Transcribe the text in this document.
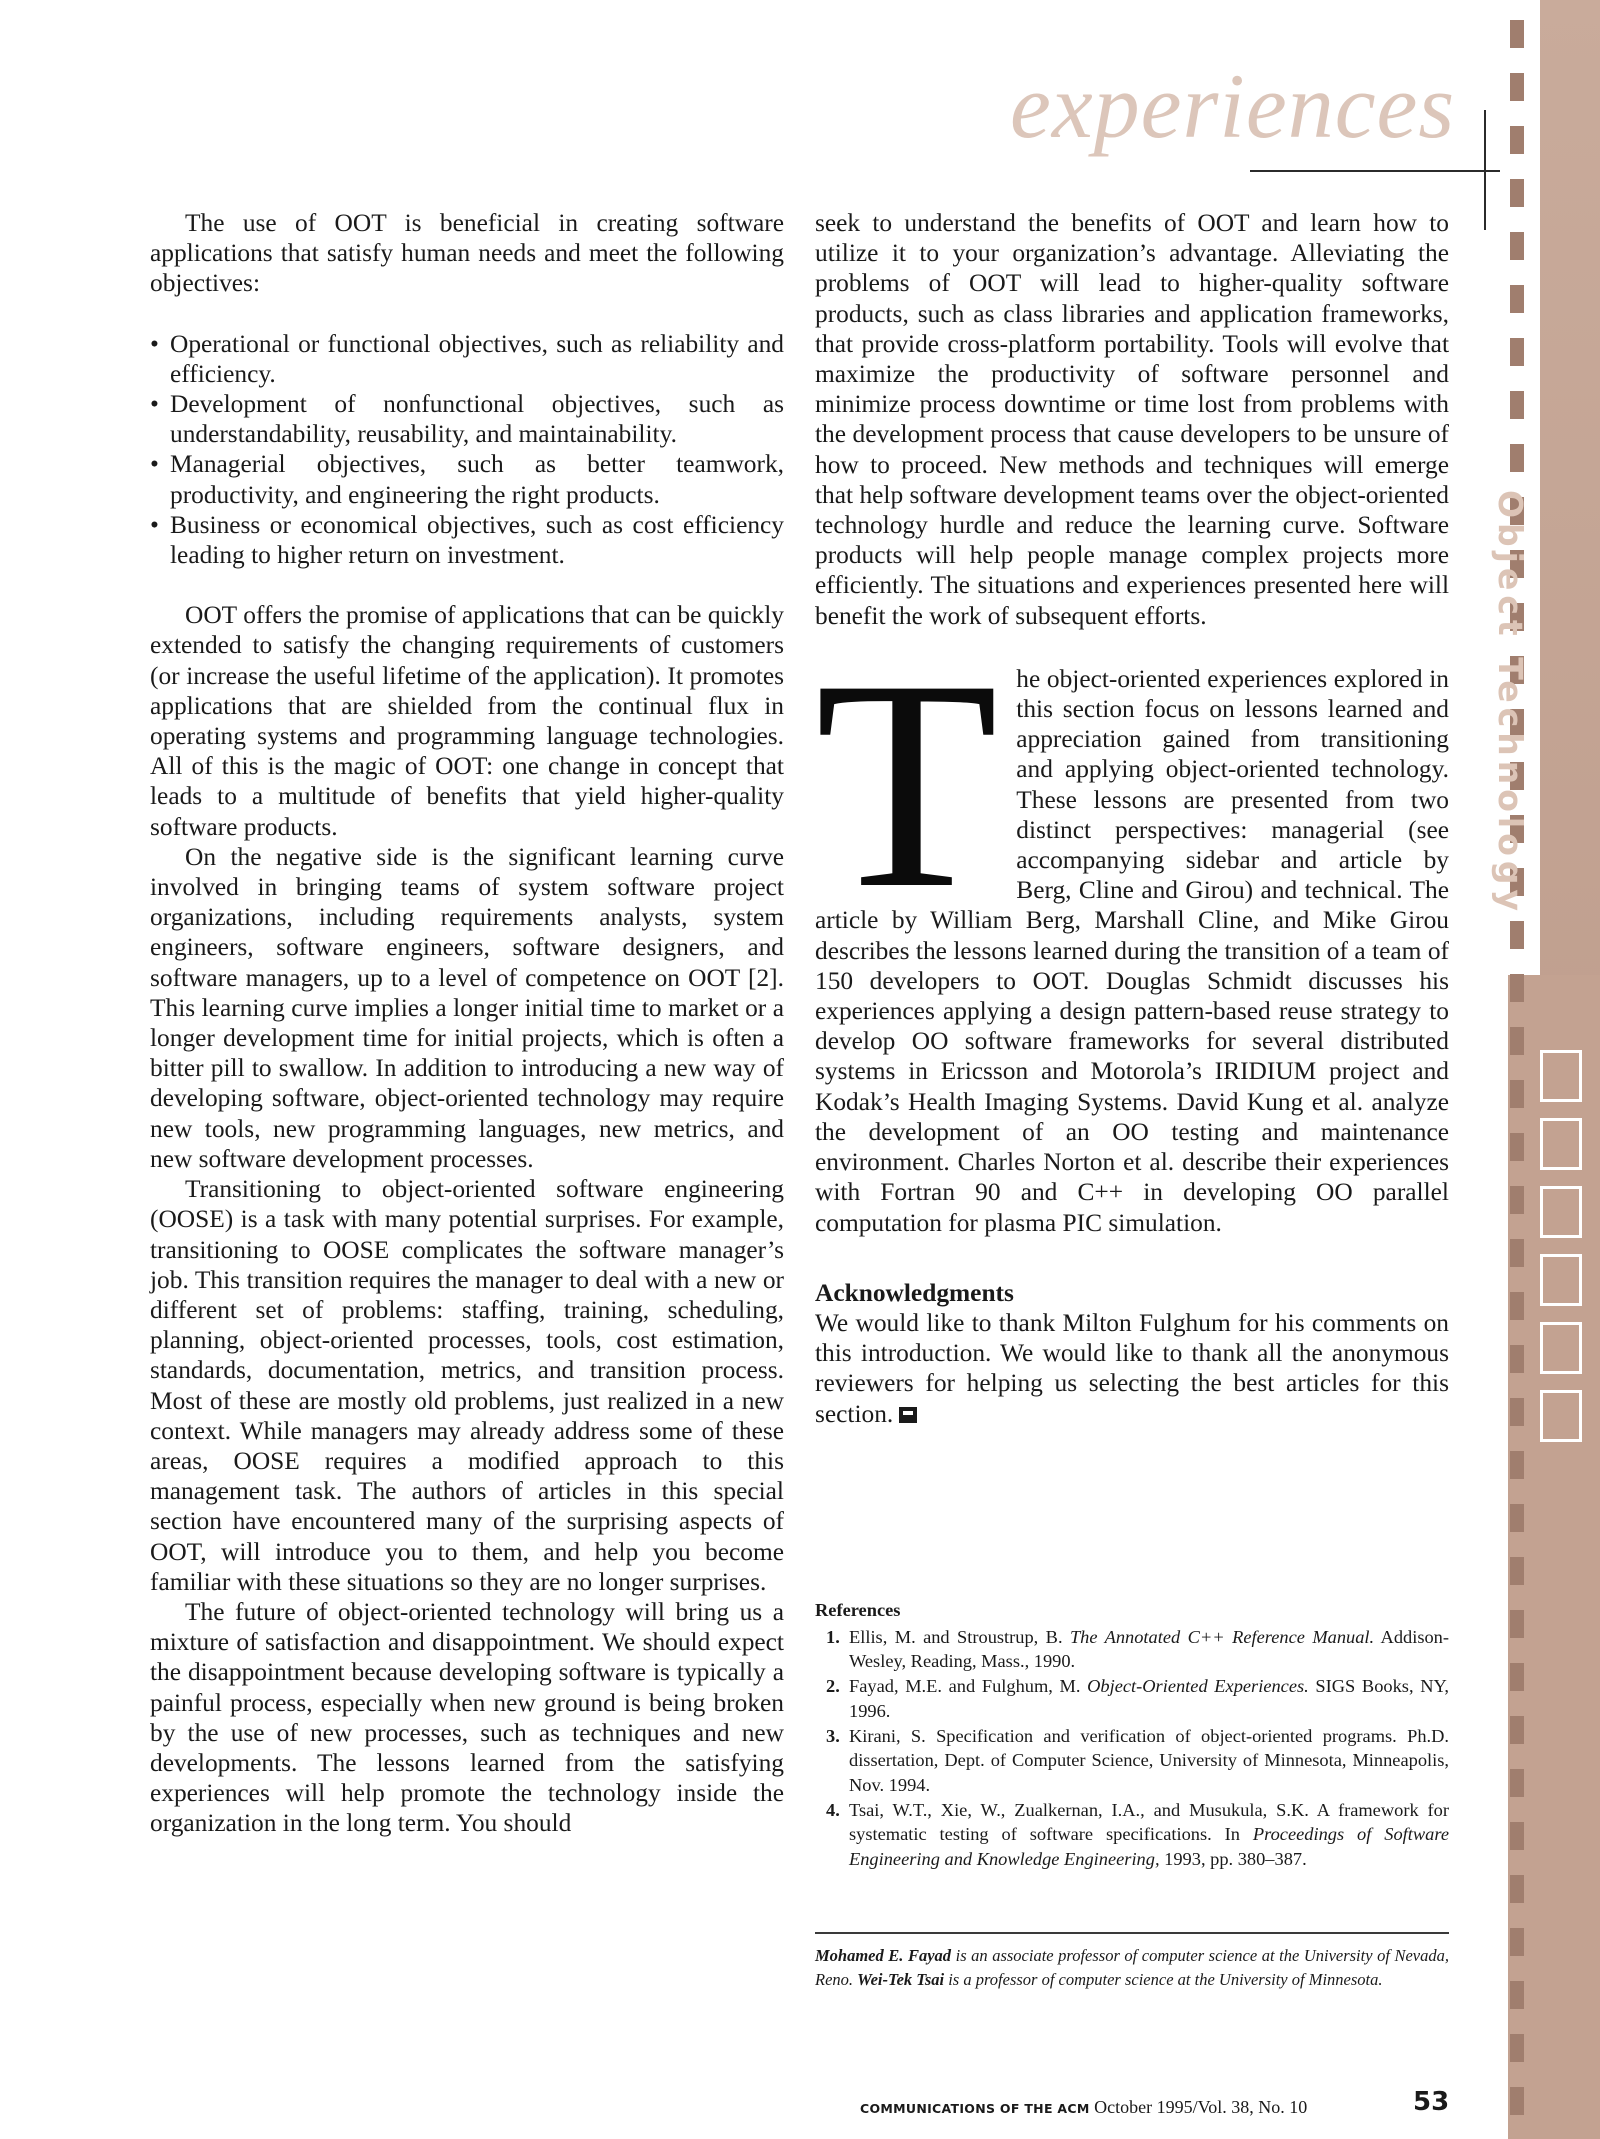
Object Technology
experiences

The use of OOT is beneficial in creating software applications that satisfy human needs and meet the following objectives:

• Operational or functional objectives, such as reliability and efficiency.
• Development of nonfunctional objectives, such as understandability, reusability, and maintainability.
• Managerial objectives, such as better teamwork, productivity, and engineering the right products.
• Business or economical objectives, such as cost efficiency leading to higher return on investment.

OOT offers the promise of applications that can be quickly extended to satisfy the changing requirements of customers (or increase the useful lifetime of the application). It promotes applications that are shielded from the continual flux in operating systems and programming language technologies. All of this is the magic of OOT: one change in concept that leads to a multitude of benefits that yield higher-quality software products.

On the negative side is the significant learning curve involved in bringing teams of system software project organizations, including requirements analysts, system engineers, software engineers, software designers, and software managers, up to a level of competence on OOT [2]. This learning curve implies a longer initial time to market or a longer development time for initial projects, which is often a bitter pill to swallow. In addition to introducing a new way of developing software, object-oriented technology may require new tools, new programming languages, new metrics, and new software development processes.

Transitioning to object-oriented software engineering (OOSE) is a task with many potential surprises. For example, transitioning to OOSE complicates the software manager’s job. This transition requires the manager to deal with a new or different set of problems: staffing, training, scheduling, planning, object-oriented processes, tools, cost estimation, standards, documentation, metrics, and transition process. Most of these are mostly old problems, just realized in a new context. While managers may already address some of these areas, OOSE requires a modified approach to this management task. The authors of articles in this special section have encountered many of the surprising aspects of OOT, will introduce you to them, and help you become familiar with these situations so they are no longer surprises.

The future of object-oriented technology will bring us a mixture of satisfaction and disappointment. We should expect the disappointment because developing software is typically a painful process, especially when new ground is being broken by the use of new processes, such as techniques and new developments. The lessons learned from the satisfying experiences will help promote the technology inside the organization in the long term. You should

seek to understand the benefits of OOT and learn how to utilize it to your organization’s advantage. Alleviating the problems of OOT will lead to higher-quality software products, such as class libraries and application frameworks, that provide cross-platform portability. Tools will evolve that maximize the productivity of software personnel and minimize process downtime or time lost from problems with the development process that cause developers to be unsure of how to proceed. New methods and techniques will emerge that help software development teams over the object-oriented technology hurdle and reduce the learning curve. Software products will help people manage complex projects more efficiently. The situations and experiences presented here will benefit the work of subsequent efforts.

T he object-oriented experiences explored in this section focus on lessons learned and appreciation gained from transitioning and applying object-oriented technology. These lessons are presented from two distinct perspectives: managerial (see accompanying sidebar and article by Berg, Cline and Girou) and technical. The article by William Berg, Marshall Cline, and Mike Girou describes the lessons learned during the transition of a team of 150 developers to OOT. Douglas Schmidt discusses his experiences applying a design pattern-based reuse strategy to develop OO software frameworks for several distributed systems in Ericsson and Motorola’s IRIDIUM project and Kodak’s Health Imaging Systems. David Kung et al. analyze the development of an OO testing and maintenance environment. Charles Norton et al. describe their experiences with Fortran 90 and C++ in developing OO parallel computation for plasma PIC simulation.

Acknowledgments

We would like to thank Milton Fulghum for his comments on this introduction. We would like to thank all the anonymous reviewers for helping us selecting the best articles for this section.

References
1. Ellis, M. and Stroustrup, B. The Annotated C++ Reference Manual. Addison-Wesley, Reading, Mass., 1990.
2. Fayad, M.E. and Fulghum, M. Object-Oriented Experiences. SIGS Books, NY, 1996.
3. Kirani, S. Specification and verification of object-oriented programs. Ph.D. dissertation, Dept. of Computer Science, University of Minnesota, Minneapolis, Nov. 1994.
4. Tsai, W.T., Xie, W., Zualkernan, I.A., and Musukula, S.K. A framework for systematic testing of software specifications. In Proceedings of Software Engineering and Knowledge Engineering, 1993, pp. 380–387.
Mohamed E. Fayad is an associate professor of computer science at the University of Nevada, Reno. Wei-Tek Tsai is a professor of computer science at the University of Minnesota.
COMMUNICATIONS OF THE ACM October 1995/Vol. 38, No. 10	53
